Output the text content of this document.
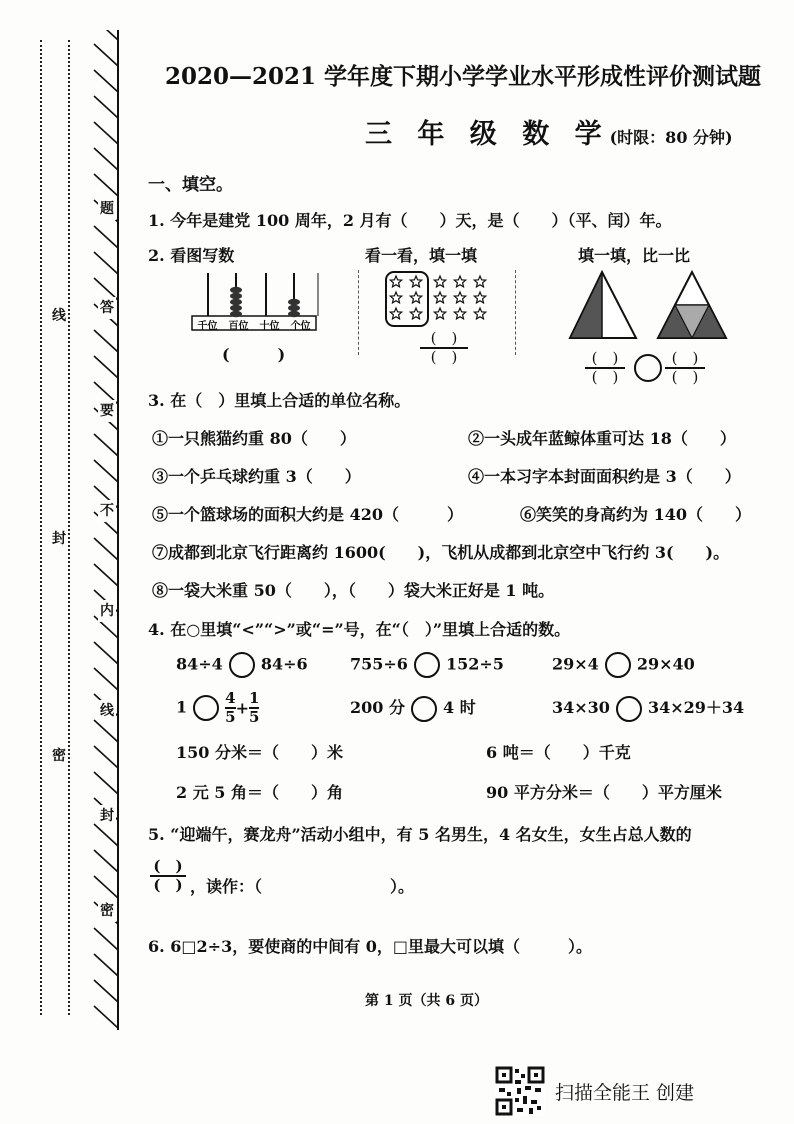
线
封
密
题
答
要
不
内
线
封
密
2020—2021 学年度下期小学学业水平形成性评价测试题
三 年 级 数 学(时限：80 分钟)
一、填空。
1. 今年是建党 100 周年，2 月有（　　）天，是（　　）（平、闰）年。
2. 看图写数
千位 百位 十位 个位
(　　　)
看一看，填一填
(　)
(　)
填一填，比一比
(　)
(　)
(　)
(　)
3. 在（　）里填上合适的单位名称。
①一只熊猫约重 80（　　）	②一头成年蓝鲸体重可达 18（　　）
③一个乒乓球约重 3（　　）	④一本习字本封面面积约是 3（　　）
⑤一个篮球场的面积大约是 420（　　　）	⑥笑笑的身高约为 140（　　）
⑦成都到北京飞行距离约 1600(　　)，飞机从成都到北京空中飞行约 3(　　)。
⑧一袋大米重 50（　　），（　　）袋大米正好是 1 吨。
4. 在○里填“<”“>”或“=”号，在“（　）”里填上合适的数。
84÷4 84÷6	755÷6 152÷5	29×4 29×40
1	$\frac{4}{5} + \frac{1}{5}$	200 分 4 时	34×30 34×29＋34
150 分米＝（　　）米	6 吨＝（　　）千克
2 元 5 角＝（　　）角	90 平方分米＝（　　）平方厘米
5. “迎端午，赛龙舟”活动小组中，有 5 名男生，4 名女生，女生占总人数的
(　)
(　) ，读作：（　　　　　　　　）。
6. 6□2÷3，要使商的中间有 0，□里最大可以填（　　　）。
第 1 页（共 6 页）
扫描全能王 创建
